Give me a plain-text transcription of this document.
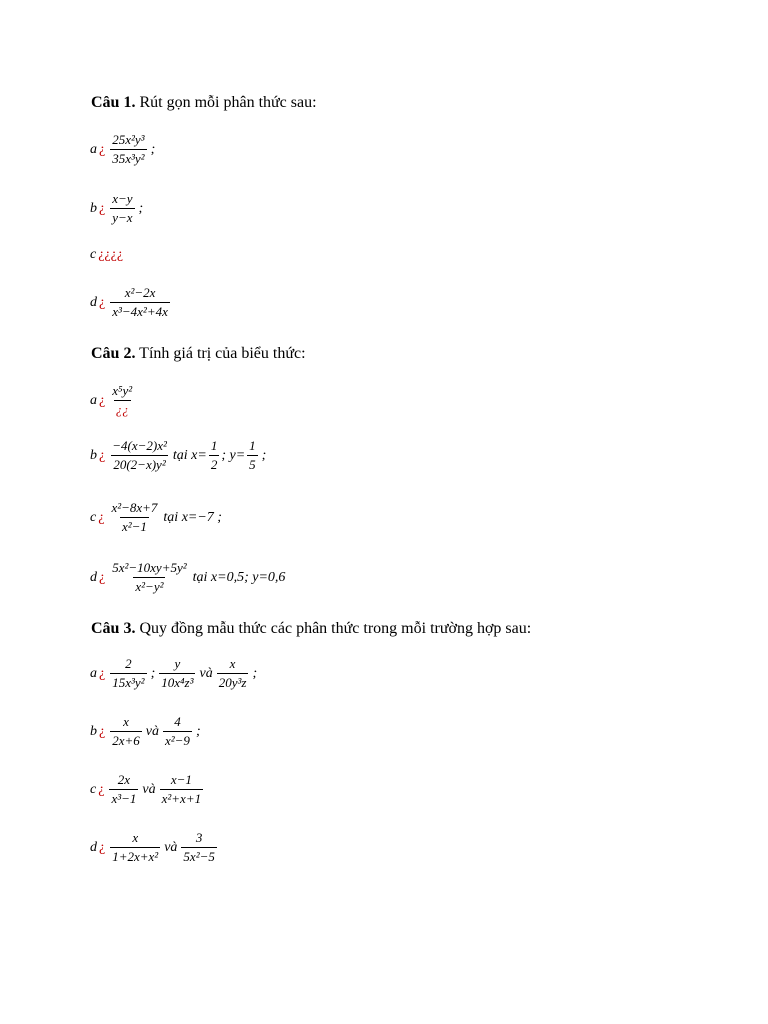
Câu 1. Rút gọn mỗi phân thức sau:
a ¿ $\frac{\text{25x²y³}}{\text{35x³y²}}$ ;
b ¿ $\frac{x-y}{y-x}$ ;
c ¿¿¿¿
d ¿ $\frac{\text{x²−2x}}{\text{x³−4x²+4x}}$
Câu 2. Tính giá trị của biểu thức:
a ¿ $\frac{\text{x⁵y²}}{¿¿}$
b ¿ $\frac{\text{−4(x−2)x²}}{\text{20(2−x)y²}}$ tại $x= \frac{1}{2}$ ; $y= \frac{1}{5}$ ;
c ¿ $\frac{\text{x²−8x+7}}{\text{x²−1}}$ tại x=−7 ;
d ¿ $\frac{\text{5x²−10xy+5y²}}{\text{x²−y²}}$ tại x=0,5; y=0,6
Câu 3. Quy đồng mẫu thức các phân thức trong mỗi trường hợp sau:
a ¿ $\frac{2}{\text{15x³y²}}$ ; $\frac{y}{\text{10x⁴z³}}$ và $\frac{x}{\text{20y³z}}$ ;
b ¿ $\frac{x}{2x+6}$ và $\frac{4}{\text{x²−9}}$ ;
c ¿ $\frac{2x}{\text{x³−1}}$ và $\frac{x-1}{\text{x²+x+1}}$
d ¿ $\frac{x}{\text{1+2x+x²}}$ và $\frac{3}{\text{5x²−5}}$
